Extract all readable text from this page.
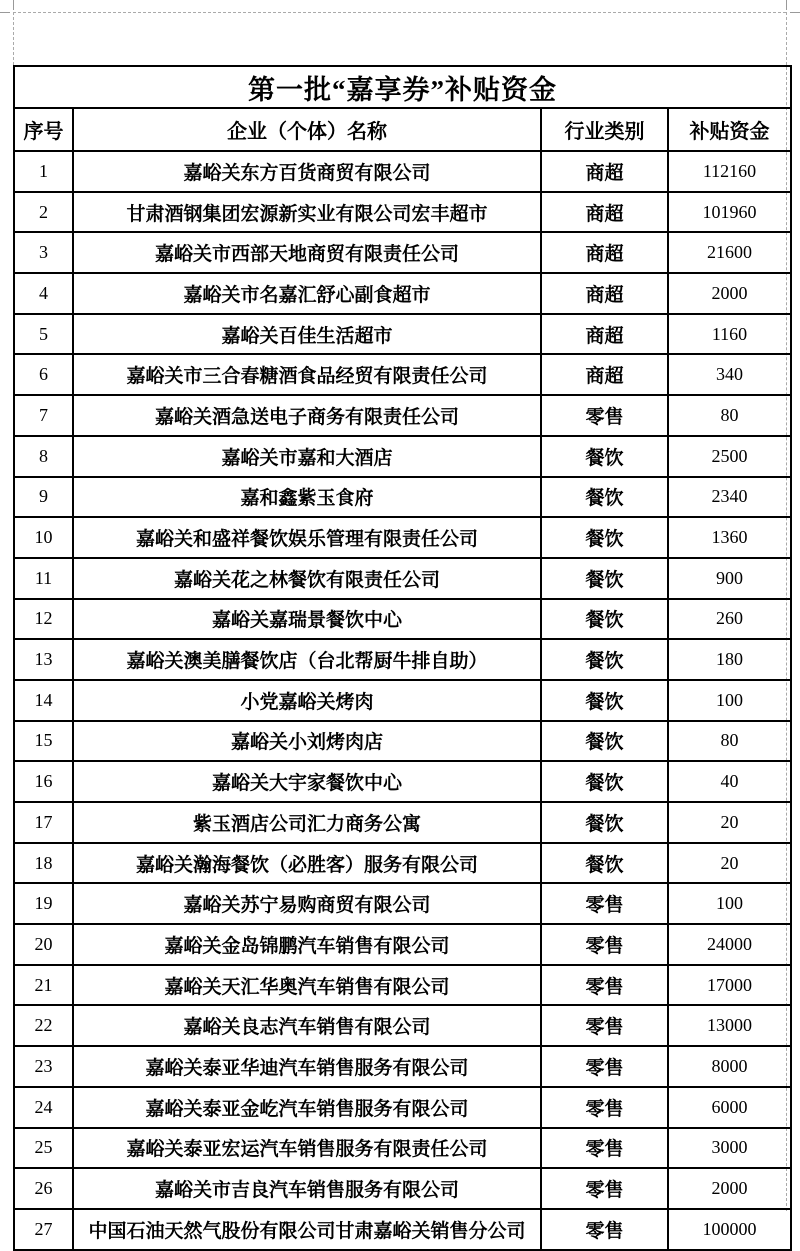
第一批“嘉享券”补贴资金			
序号	企业（个体）名称	行业类别	补贴资金
1	嘉峪关东方百货商贸有限公司	商超	112160
2	甘肃酒钢集团宏源新实业有限公司宏丰超市	商超	101960
3	嘉峪关市西部天地商贸有限责任公司	商超	21600
4	嘉峪关市名嘉汇舒心副食超市	商超	2000
5	嘉峪关百佳生活超市	商超	1160
6	嘉峪关市三合春糖酒食品经贸有限责任公司	商超	340
7	嘉峪关酒急送电子商务有限责任公司	零售	80
8	嘉峪关市嘉和大酒店	餐饮	2500
9	嘉和鑫紫玉食府	餐饮	2340
10	嘉峪关和盛祥餐饮娱乐管理有限责任公司	餐饮	1360
11	嘉峪关花之林餐饮有限责任公司	餐饮	900
12	嘉峪关嘉瑞景餐饮中心	餐饮	260
13	嘉峪关澳美膳餐饮店（台北帮厨牛排自助）	餐饮	180
14	小党嘉峪关烤肉	餐饮	100
15	嘉峪关小刘烤肉店	餐饮	80
16	嘉峪关大宇家餐饮中心	餐饮	40
17	紫玉酒店公司汇力商务公寓	餐饮	20
18	嘉峪关瀚海餐饮（必胜客）服务有限公司	餐饮	20
19	嘉峪关苏宁易购商贸有限公司	零售	100
20	嘉峪关金岛锦鹏汽车销售有限公司	零售	24000
21	嘉峪关天汇华奥汽车销售有限公司	零售	17000
22	嘉峪关良志汽车销售有限公司	零售	13000
23	嘉峪关泰亚华迪汽车销售服务有限公司	零售	8000
24	嘉峪关泰亚金屹汽车销售服务有限公司	零售	6000
25	嘉峪关泰亚宏运汽车销售服务有限责任公司	零售	3000
26	嘉峪关市吉良汽车销售服务有限公司	零售	2000
27	中国石油天然气股份有限公司甘肃嘉峪关销售分公司	零售	100000
